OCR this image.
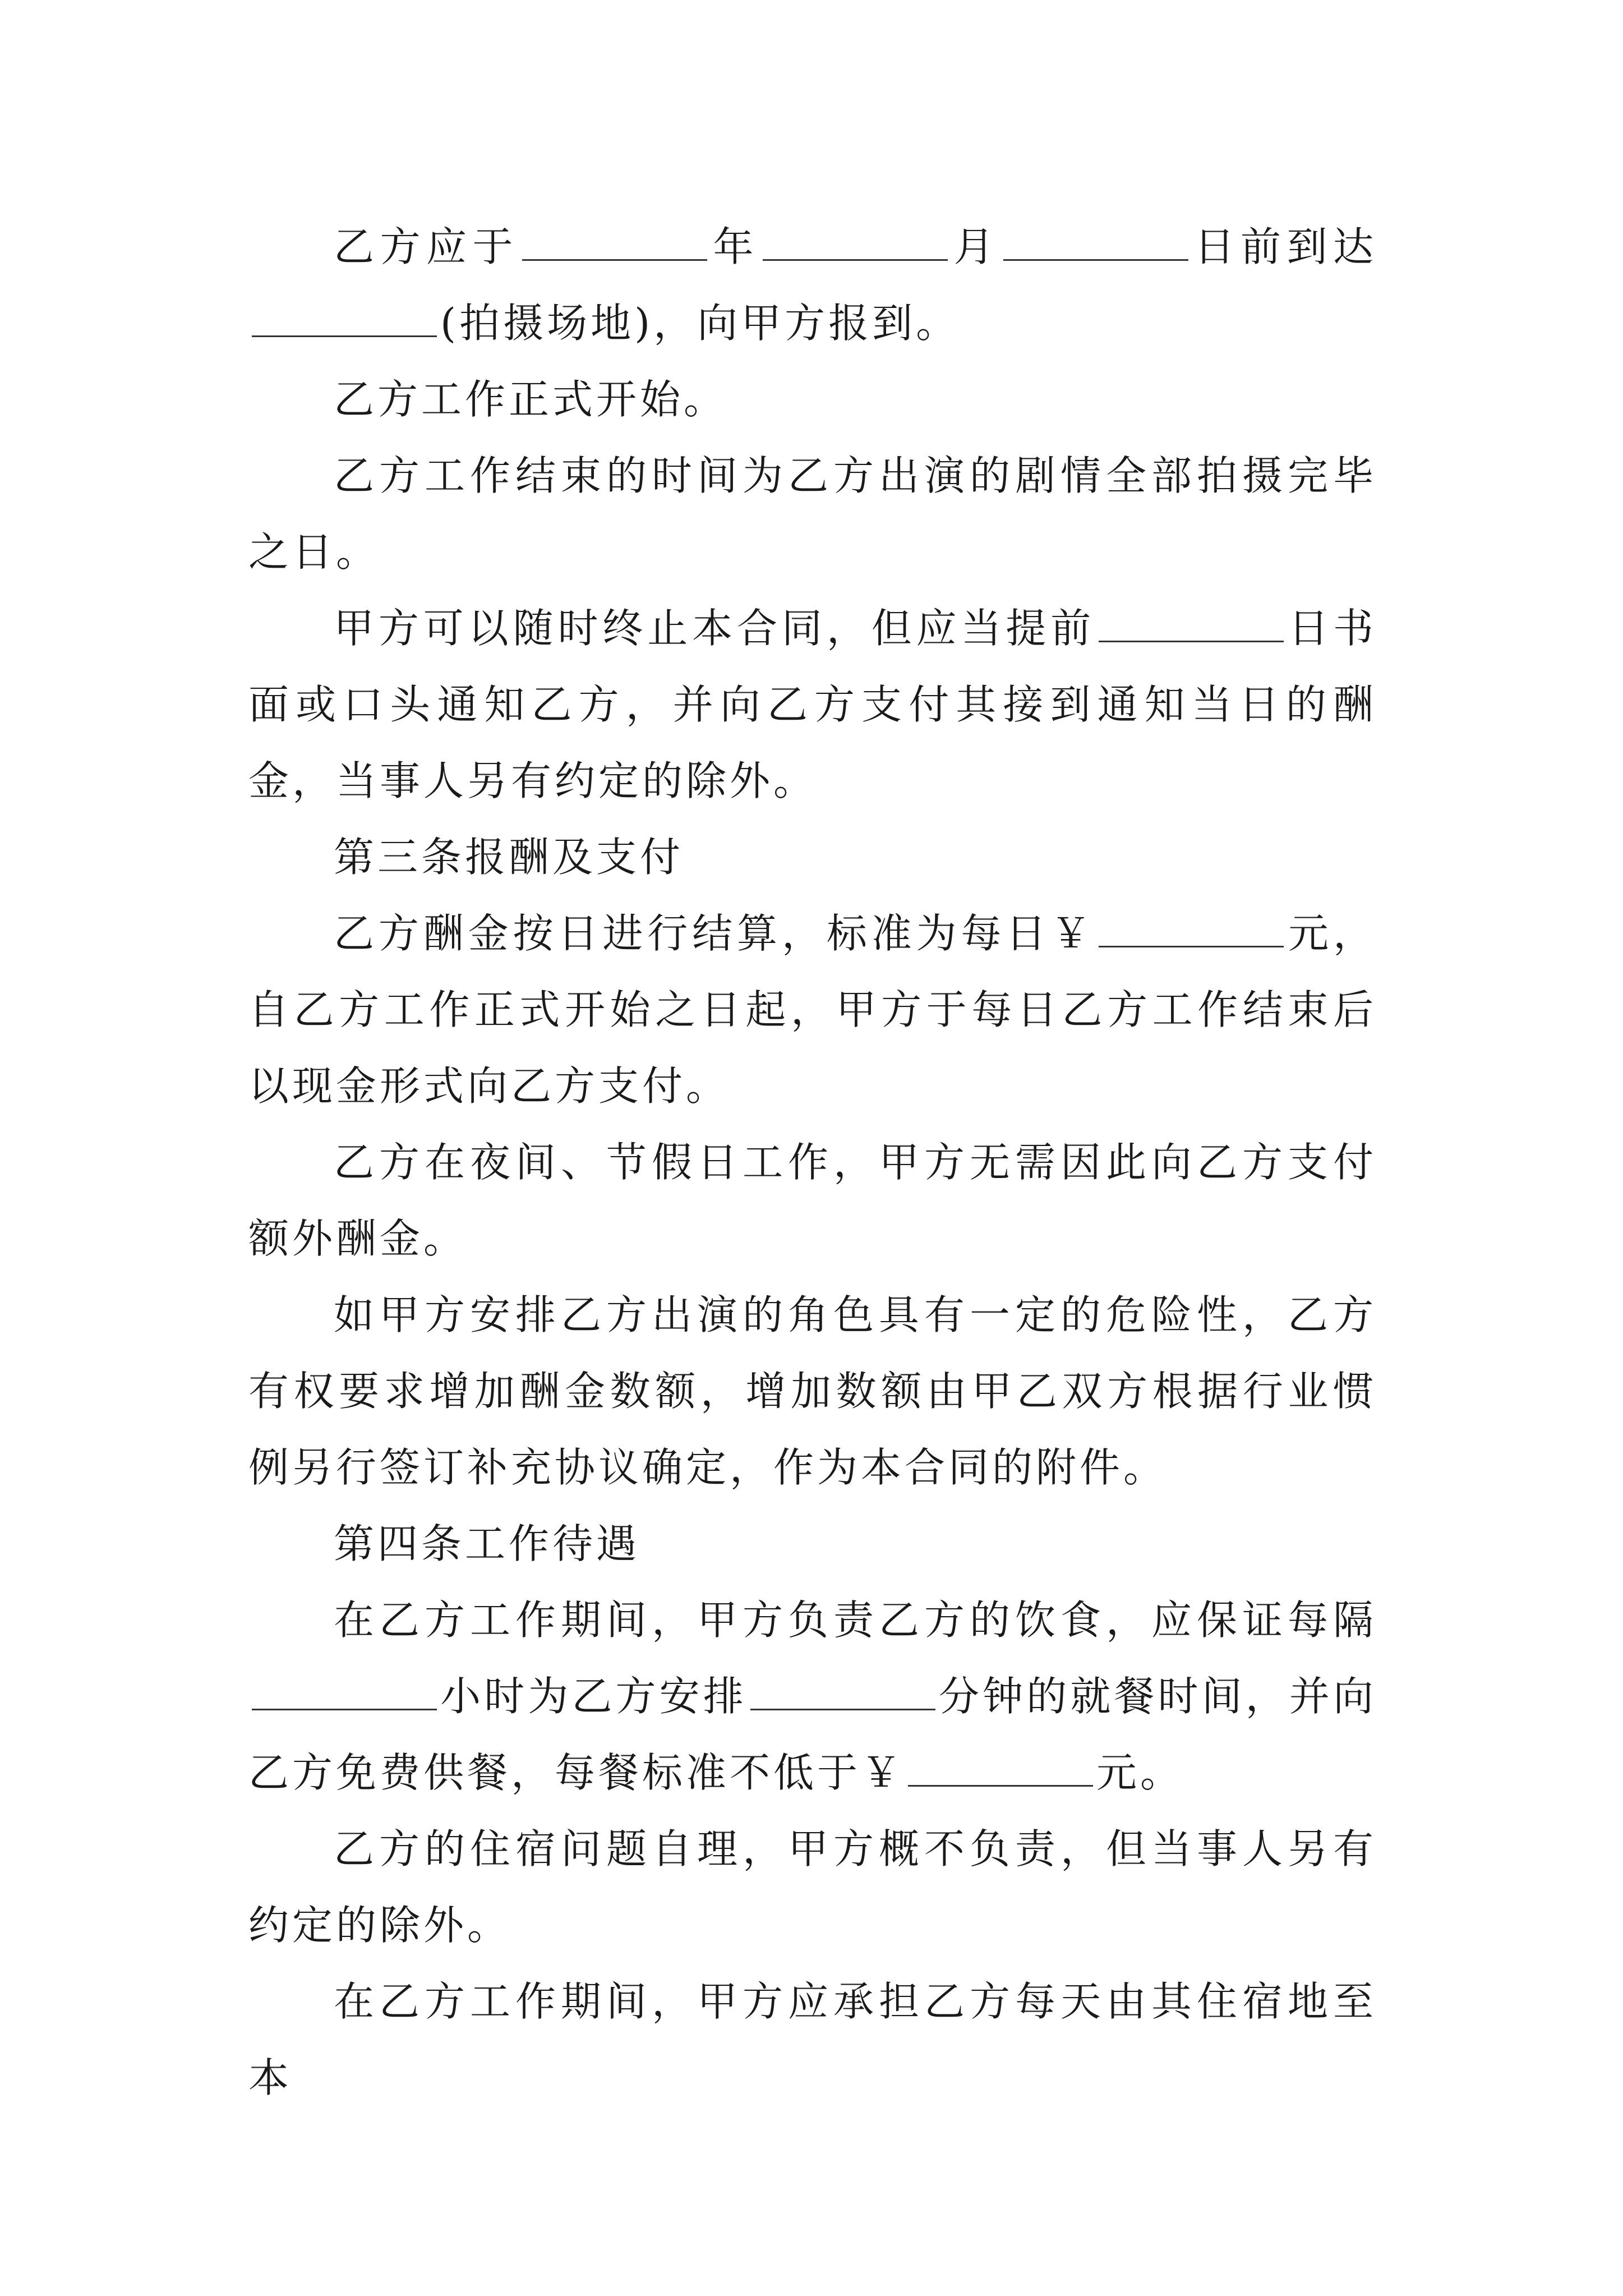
乙方应于	年	月	日前到达(拍摄场地)，向甲方报到。

乙方工作正式开始。

乙方工作结束的时间为乙方出演的剧情全部拍摄完毕之日。

甲方可以随时终止本合同，但应当提前	日书面或口头通知乙方，并向乙方支付其接到通知当日的酬金，当事人另有约定的除外。

第三条报酬及支付

乙方酬金按日进行结算，标准为每日￥	元，自乙方工作正式开始之日起，甲方于每日乙方工作结束后以现金形式向乙方支付。

乙方在夜间、节假日工作，甲方无需因此向乙方支付额外酬金。

如甲方安排乙方出演的角色具有一定的危险性，乙方有权要求增加酬金数额，增加数额由甲乙双方根据行业惯例另行签订补充协议确定，作为本合同的附件。

第四条工作待遇

在乙方工作期间，甲方负责乙方的饮食，应保证每隔小时为乙方安排	分钟的就餐时间，并向乙方免费供餐，每餐标准不低于￥	元。

乙方的住宿问题自理，甲方概不负责，但当事人另有约定的除外。

在乙方工作期间，甲方应承担乙方每天由其住宿地至本
